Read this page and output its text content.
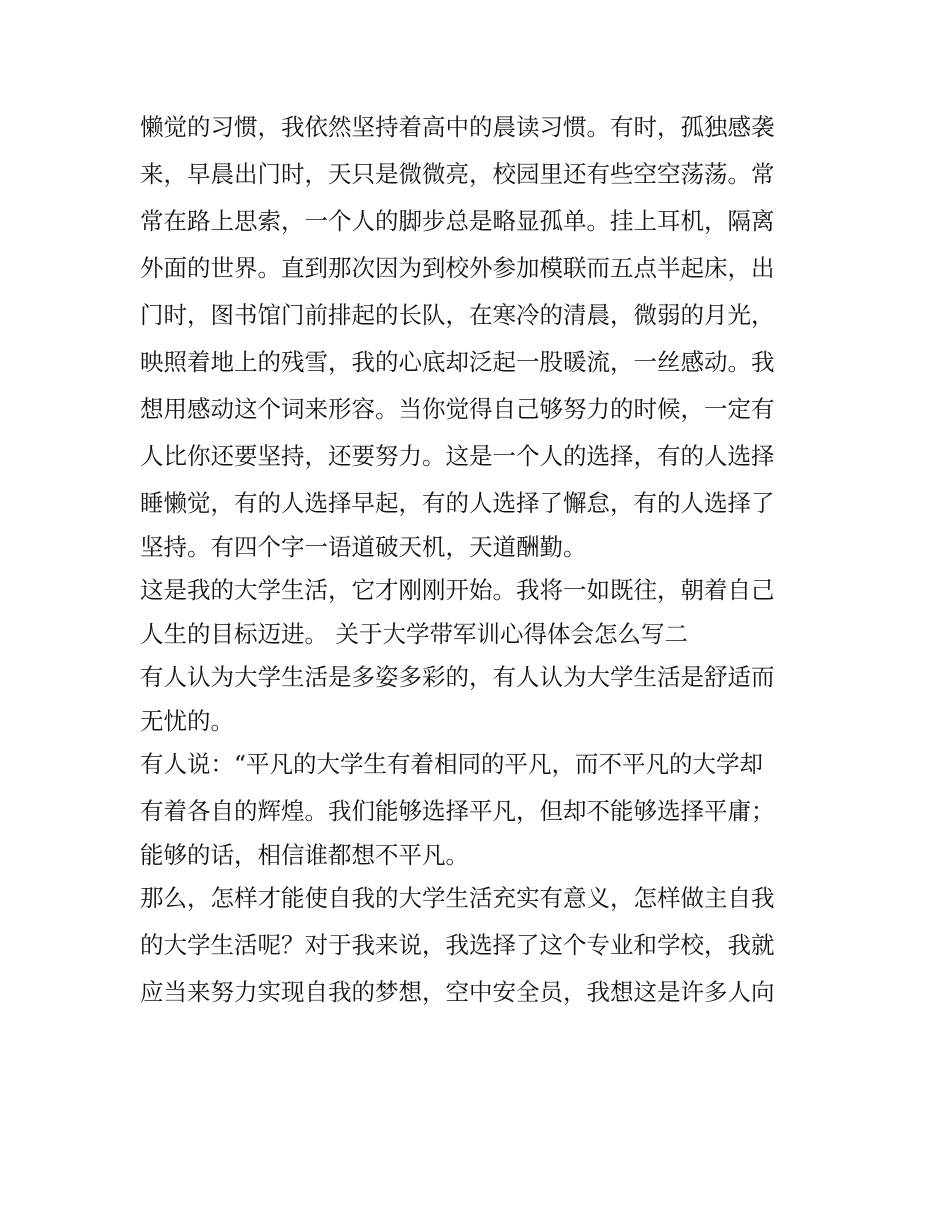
懒觉的习惯，我依然坚持着高中的晨读习惯。有时，孤独感袭
来，早晨出门时，天只是微微亮，校园里还有些空空荡荡。常
常在路上思索，一个人的脚步总是略显孤单。挂上耳机，隔离
外面的世界。直到那次因为到校外参加模联而五点半起床，出
门时，图书馆门前排起的长队，在寒冷的清晨，微弱的月光，
映照着地上的残雪，我的心底却泛起一股暖流，一丝感动。我
想用感动这个词来形容。当你觉得自己够努力的时候，一定有
人比你还要坚持，还要努力。这是一个人的选择，有的人选择
睡懒觉，有的人选择早起，有的人选择了懈怠，有的人选择了
坚持。有四个字一语道破天机，天道酬勤。
这是我的大学生活，它才刚刚开始。我将一如既往，朝着自己
人生的目标迈进。 关于大学带军训心得体会怎么写二
有人认为大学生活是多姿多彩的，有人认为大学生活是舒适而
无忧的。
有人说：“平凡的大学生有着相同的平凡，而不平凡的大学却
有着各自的辉煌。我们能够选择平凡，但却不能够选择平庸；
能够的话，相信谁都想不平凡。
那么，怎样才能使自我的大学生活充实有意义，怎样做主自我
的大学生活呢？对于我来说，我选择了这个专业和学校，我就
应当来努力实现自我的梦想，空中安全员，我想这是许多人向
